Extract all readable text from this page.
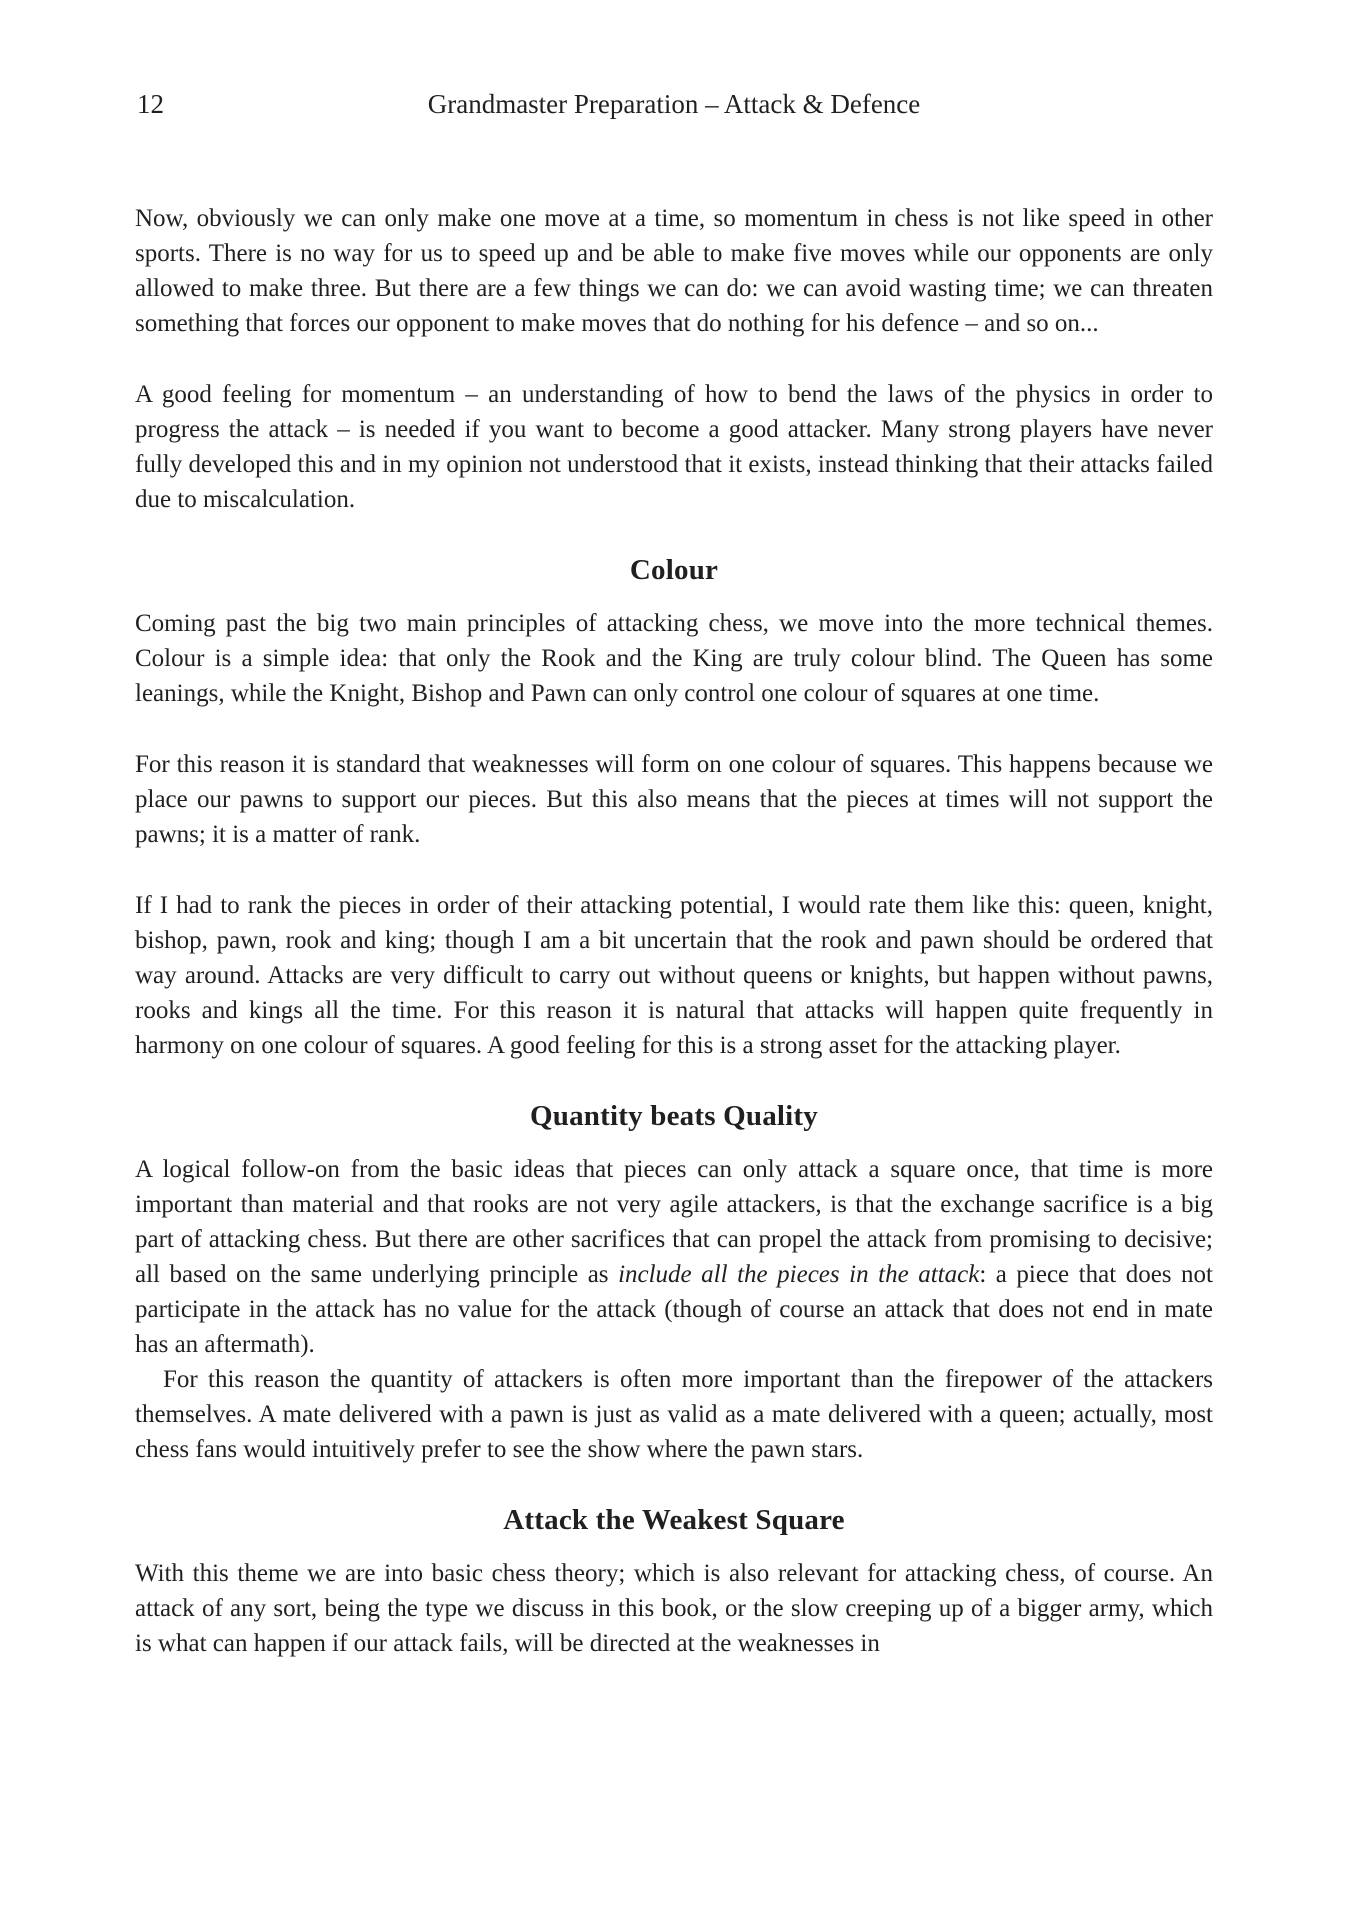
12	Grandmaster Preparation – Attack & Defence

Now, obviously we can only make one move at a time, so momentum in chess is not like speed in other sports. There is no way for us to speed up and be able to make five moves while our opponents are only allowed to make three. But there are a few things we can do: we can avoid wasting time; we can threaten something that forces our opponent to make moves that do nothing for his defence – and so on...

A good feeling for momentum – an understanding of how to bend the laws of the physics in order to progress the attack – is needed if you want to become a good attacker. Many strong players have never fully developed this and in my opinion not understood that it exists, instead thinking that their attacks failed due to miscalculation.

Colour

Coming past the big two main principles of attacking chess, we move into the more technical themes. Colour is a simple idea: that only the Rook and the King are truly colour blind. The Queen has some leanings, while the Knight, Bishop and Pawn can only control one colour of squares at one time.

For this reason it is standard that weaknesses will form on one colour of squares. This happens because we place our pawns to support our pieces. But this also means that the pieces at times will not support the pawns; it is a matter of rank.

If I had to rank the pieces in order of their attacking potential, I would rate them like this: queen, knight, bishop, pawn, rook and king; though I am a bit uncertain that the rook and pawn should be ordered that way around. Attacks are very difficult to carry out without queens or knights, but happen without pawns, rooks and kings all the time. For this reason it is natural that attacks will happen quite frequently in harmony on one colour of squares. A good feeling for this is a strong asset for the attacking player.

Quantity beats Quality

A logical follow-on from the basic ideas that pieces can only attack a square once, that time is more important than material and that rooks are not very agile attackers, is that the exchange sacrifice is a big part of attacking chess. But there are other sacrifices that can propel the attack from promising to decisive; all based on the same underlying principle as include all the pieces in the attack: a piece that does not participate in the attack has no value for the attack (though of course an attack that does not end in mate has an aftermath).

For this reason the quantity of attackers is often more important than the firepower of the attackers themselves. A mate delivered with a pawn is just as valid as a mate delivered with a queen; actually, most chess fans would intuitively prefer to see the show where the pawn stars.

Attack the Weakest Square

With this theme we are into basic chess theory; which is also relevant for attacking chess, of course. An attack of any sort, being the type we discuss in this book, or the slow creeping up of a bigger army, which is what can happen if our attack fails, will be directed at the weaknesses in
